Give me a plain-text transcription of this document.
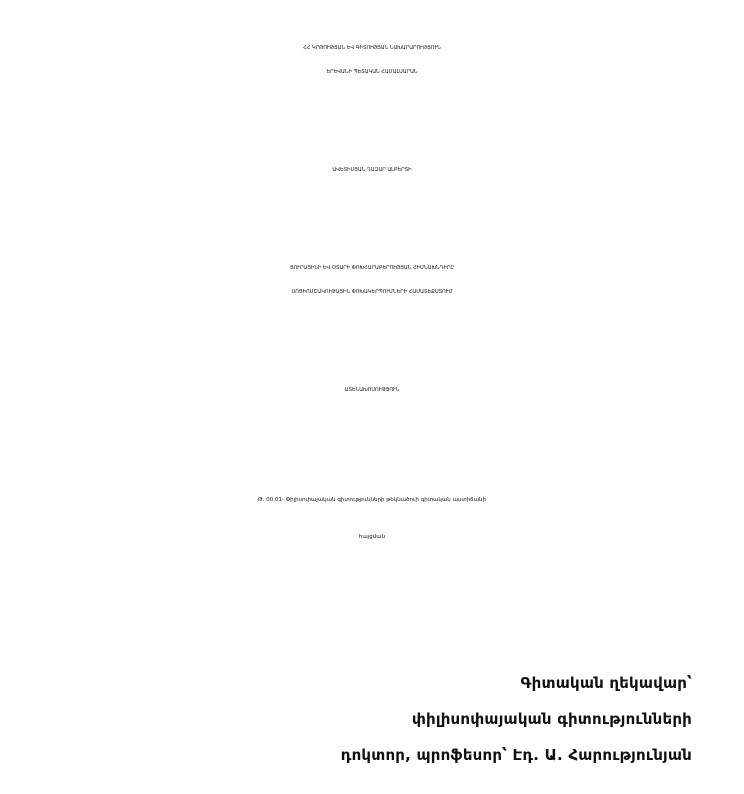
ՀՀ ԿՐԹՈՒԹՅԱՆ ԵՎ ԳԻՏՈՒԹՅԱՆ ՆԱԽԱՐԱՐՈՒԹՅՈՒՆ
ԵՐԵՎԱՆԻ ՊԵՏԱԿԱՆ ՀԱՄԱԼՍԱՐԱՆ
ԱՎԵՏԻՍՅԱՆ ՂԱԶԱՐ ԱԼԲԵՐՏԻ
ՅՈՒՐԱՅԻՆԻ ԵՎ ՕՏԱՐԻ ՓՈԽՀԱՐԱԲԵՐՈՒԹՅԱՆ ՀԻՄՆԱԽՆԴԻՐԸ
ՍՈՑԻՈՄՇԱԿՈՒԹԱՅԻՆ ՓՈԽԱԿԵՐՊՈՒՄՆԵՐԻ ՀԱՄԱՏԵՔՍՏՈՒՄ
ԱՏԵՆԱԽՈՍՈՒԹՅՈՒՆ
Թ. 00.01- Փիլիսոփայական գիտությունների թեկնածուի գիտական աստիճանի
հայցման
Գիտական ղեկավար՝
փիլիսոփայական գիտությունների
դոկտոր, պրոֆեսոր՝ Էդ. Ա. Հարությունյան
